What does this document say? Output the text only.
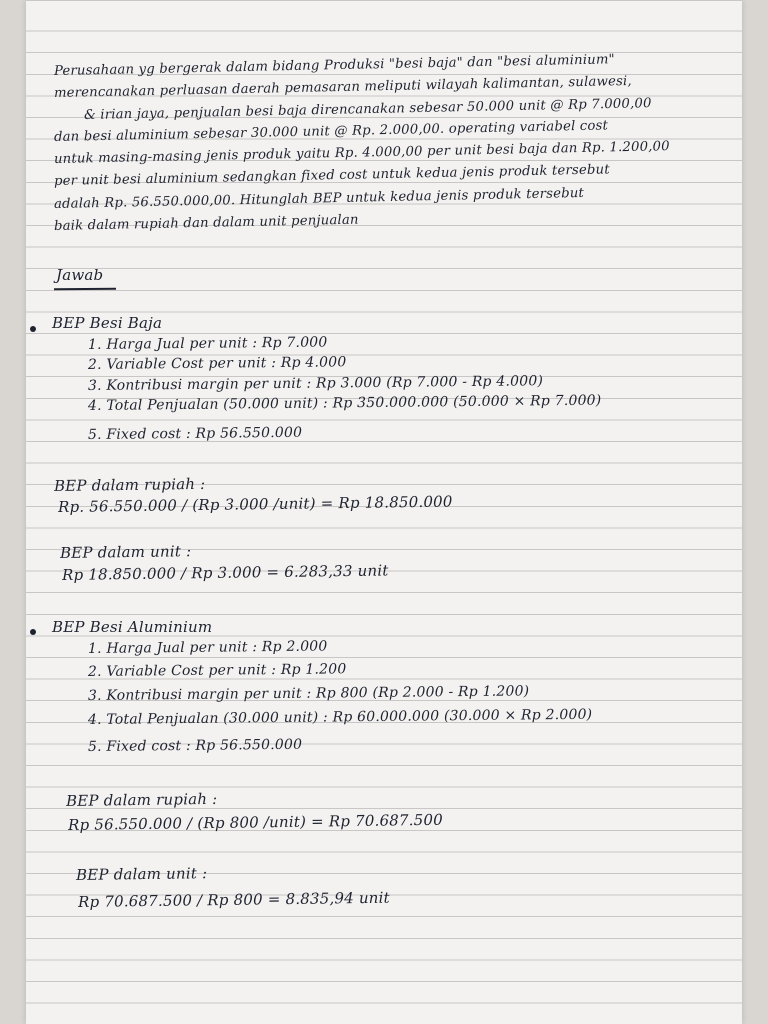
Perusahaan yg bergerak dalam bidang Produksi "besi baja" dan "besi aluminium"
merencanakan perluasan daerah pemasaran meliputi wilayah kalimantan, sulawesi,
& irian jaya, penjualan besi baja direncanakan sebesar 50.000 unit @ Rp 7.000,00
dan besi aluminium sebesar 30.000 unit @ Rp. 2.000,00. operating variabel cost
untuk masing-masing jenis produk yaitu Rp. 4.000,00 per unit besi baja dan Rp. 1.200,00
per unit besi aluminium sedangkan fixed cost untuk kedua jenis produk tersebut
adalah Rp. 56.550.000,00. Hitunglah BEP untuk kedua jenis produk tersebut
baik dalam rupiah dan dalam unit penjualan
Jawab
BEP Besi Baja
1. Harga Jual per unit : Rp 7.000
2. Variable Cost per unit : Rp 4.000
3. Kontribusi margin per unit : Rp 3.000 (Rp 7.000 - Rp 4.000)
4. Total Penjualan (50.000 unit) : Rp 350.000.000 (50.000 × Rp 7.000)
5. Fixed cost : Rp 56.550.000
BEP dalam rupiah :
Rp. 56.550.000 / (Rp 3.000 /unit) = Rp 18.850.000
BEP dalam unit :
Rp 18.850.000 / Rp 3.000 = 6.283,33 unit
BEP Besi Aluminium
1. Harga Jual per unit : Rp 2.000
2. Variable Cost per unit : Rp 1.200
3. Kontribusi margin per unit : Rp 800 (Rp 2.000 - Rp 1.200)
4. Total Penjualan (30.000 unit) : Rp 60.000.000 (30.000 × Rp 2.000)
5. Fixed cost : Rp 56.550.000
BEP dalam rupiah :
Rp 56.550.000 / (Rp 800 /unit) = Rp 70.687.500
BEP dalam unit :
Rp 70.687.500 / Rp 800 = 8.835,94 unit
